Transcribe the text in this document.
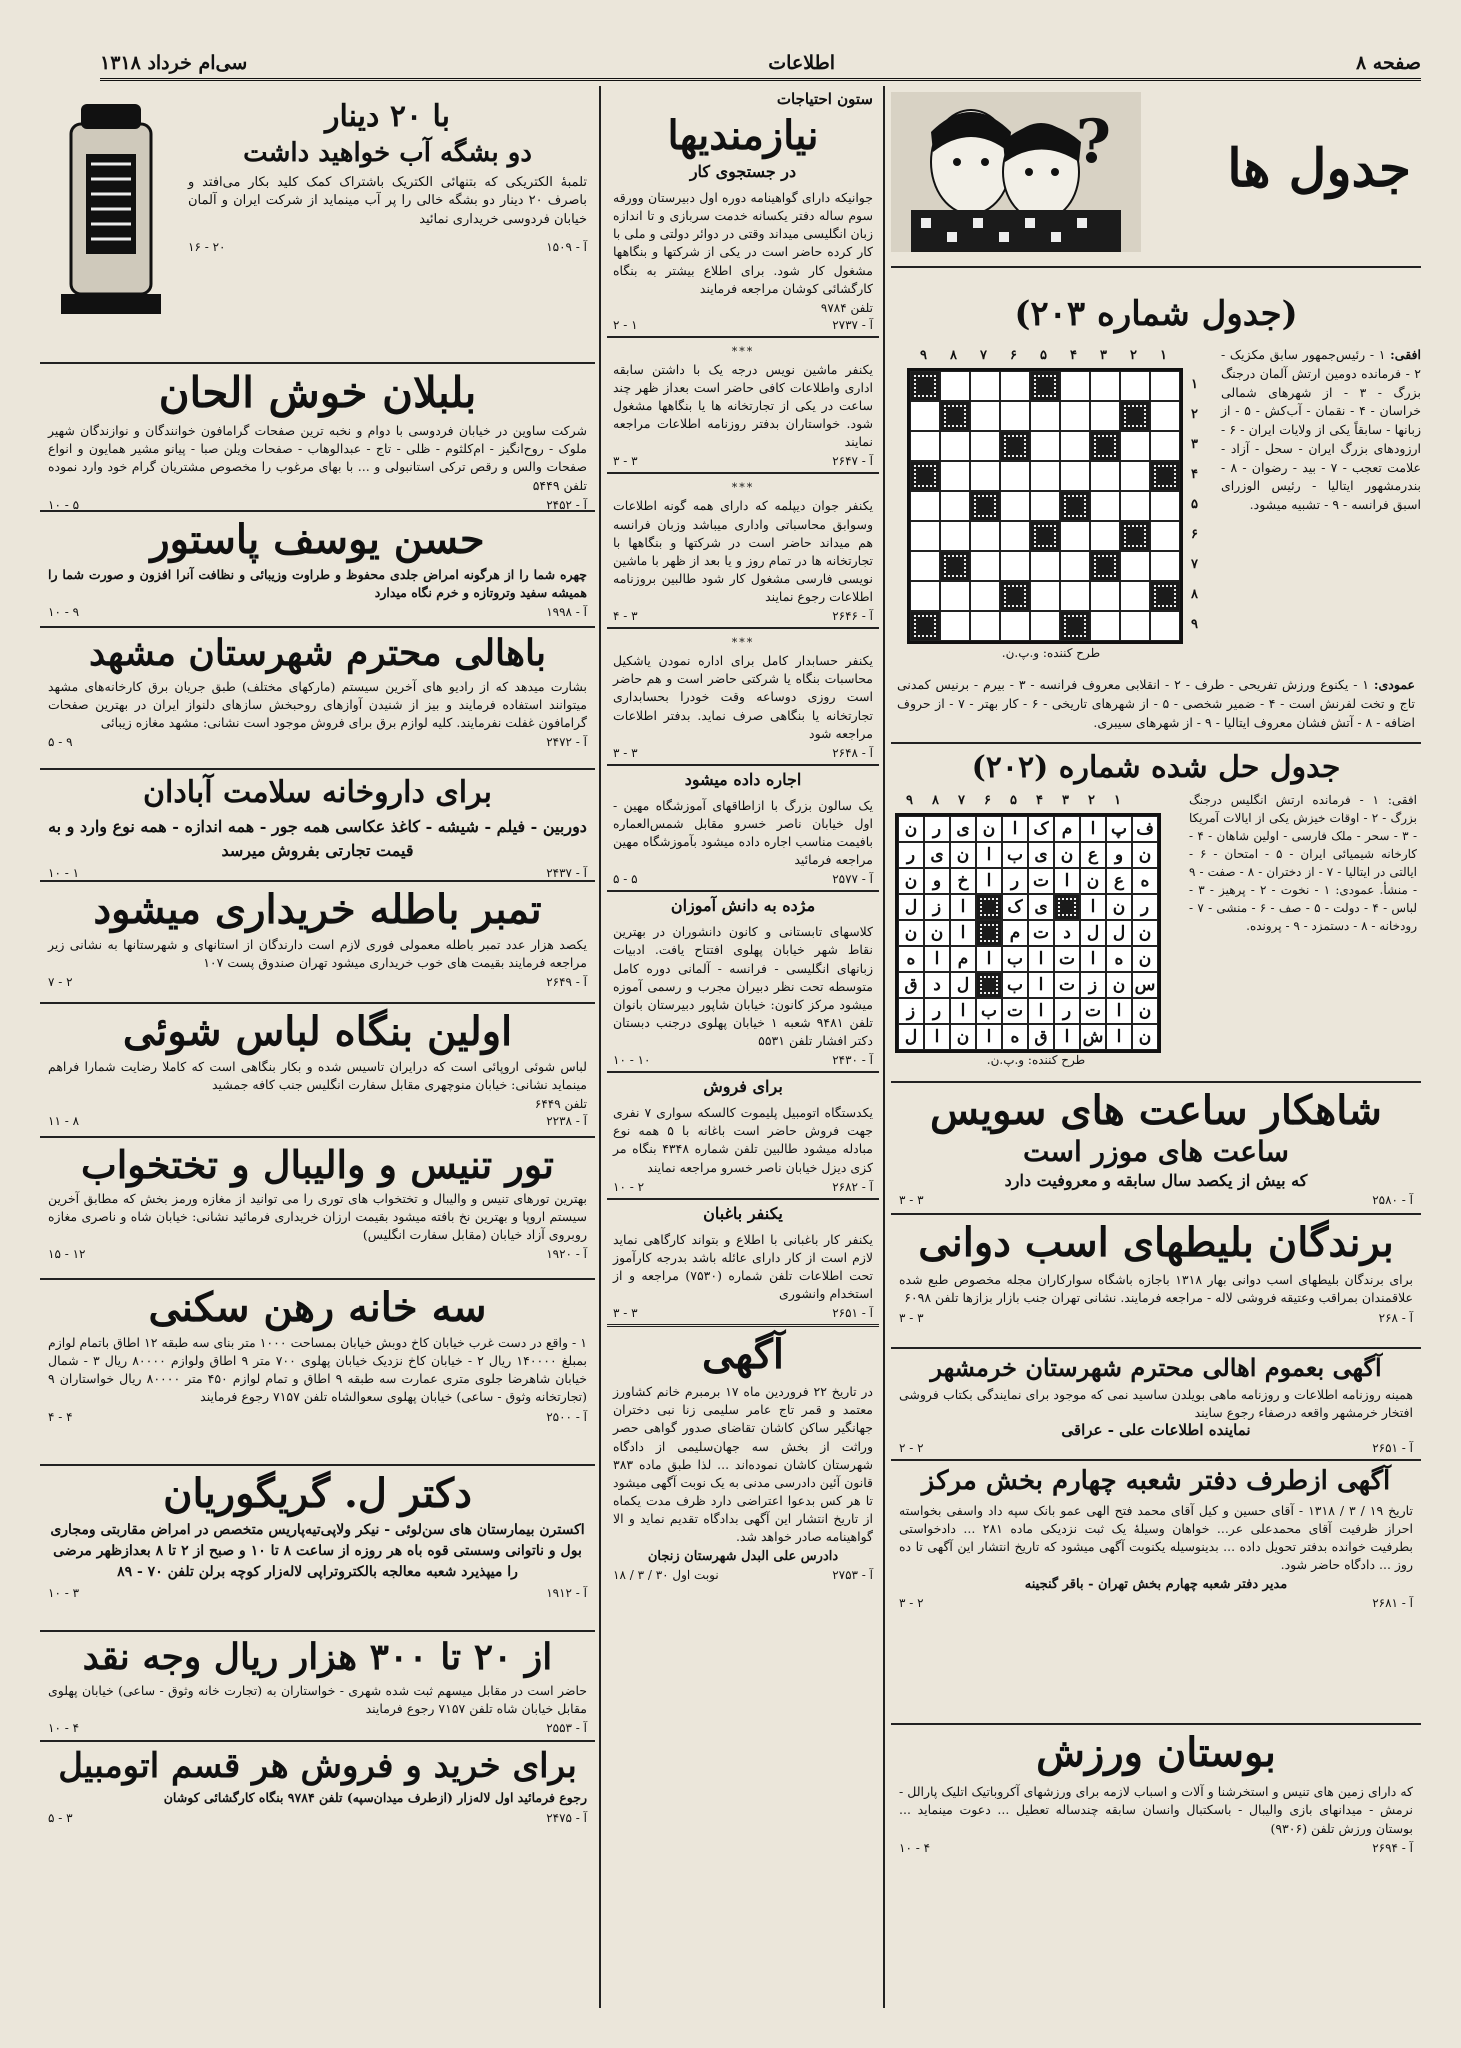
صفحه ۸
اطلاعات
سی‌ام خرداد ۱۳۱۸
جدول ها
?
(جدول شماره ۲۰۳)
افقی: ۱ - رئیس‌جمهور سابق مکزیک - ۲ - فرمانده دومین ارتش آلمان درجنگ بزرگ - ۳ - از شهرهای شمالی خراسان - ۴ - نقمان - آب‌کش - ۵ - از زبانها - سابقاً یکی از ولایات ایران - ۶ - ارزودهای بزرگ ایران - سحل - آزاد - علامت تعجب - ۷ - بید - رضوان - ۸ - بندرمشهور ایتالیا - رئیس الوزرای اسبق فرانسه - ۹ - تشبیه میشود.
۱
۲
۳
۴
۵
۶
۷
۸
۹
۱
۲
۳
۴
۵
۶
۷
۸
۹
طرح کننده: و.پ.ن.
عمودی: ۱ - یکنوع ورزش تفریحی - طرف - ۲ - انقلابی معروف فرانسه - ۳ - بیرم - برنیس کمدنی تاج و تخت لفرنش است - ۴ - ضمیر شخصی - ۵ - از شهرهای تاریخی - ۶ - کار بهتر - ۷ - از حروف اضافه - ۸ - آتش فشان معروف ایتالیا - ۹ - از شهرهای سیبری.
جدول حل شده شماره (۲۰۲)
افقی: ۱ - فرمانده ارتش انگلیس درجنگ بزرگ - ۲ - اوقات خیزش یکی از ایالات آمریکا - ۳ - سحر - ملک فارسی - اولین شاهان - ۴ - کارخانه شیمیائی ایران - ۵ - امتحان - ۶ - ایالتی در ایتالیا - ۷ - از دختران - ۸ - صفت - ۹ - منشأ. عمودی: ۱ - نخوت - ۲ - پرهیز - ۳ - لباس - ۴ - دولت - ۵ - صف - ۶ - منشی - ۷ - رودخانه - ۸ - دستمزد - ۹ - پرونده.
ف
پ
ا
م
ک
ا
ن
ی
ر
ن
ن
و
ع
ن
ی
ب
ا
ن
ی
ر
ه
ع
ن
ا
ت
ر
ا
خ
و
ن
ر
ن
ا
ی
ک
ا
ز
ل
ن
ل
ل
د
ت
م
ا
ن
ن
ن
ه
ا
ت
ا
ب
ا
م
ا
ه
س
ن
ز
ت
ا
ب
ل
د
ق
ن
ا
ت
ر
ا
ت
ب
ا
ر
ز
ن
ا
ش
ا
ق
ه
ا
ن
ا
ل
۱
۲
۳
۴
۵
۶
۷
۸
۹
طرح کننده: و.پ.ن.
شاهکار ساعت های سویس
ساعت های موزر است
که بیش از یکصد سال سابقه و معروفیت دارد
آ - ۲۵۸۰
۳ - ۳
برندگان بلیطهای اسب دوانی
برای برندگان بلیطهای اسب دوانی بهار ۱۳۱۸ باجازه باشگاه سوارکاران مجله مخصوص طبع شده علاقمندان بمراقب وعتیقه فروشی لاله - مراجعه فرمایند. نشانی تهران جنب بازار بزازها تلفن ۶۰۹۸
آ - ۲۶۸
۳ - ۳
آگهی بعموم اهالی محترم شهرستان خرمشهر
همینه روزنامه اطلاعات و روزنامه ماهی بویلدن ساسید نمی که موجود برای نمایندگی بکتاب فروشی افتخار خرمشهر واقعه درصفاء رجوع سایند
نماینده اطلاعات علی - عراقی
آ - ۲۶۵۱
۲ - ۲
آگهی ازطرف دفتر شعبه چهارم بخش مرکز
تاریخ ۱۹ / ۳ / ۱۳۱۸ - آقای حسین و کیل آقای محمد فتح الهی عمو بانک سپه داد واسفی بخواسته احراز ظرفیت آقای محمدعلی عر... خواهان وسیلهٔ یک ثبت نزدیکی ماده ۲۸۱ ... دادخواستی بطرفیت خوانده بدفتر تحویل داده ... بدینوسیله یکنوبت آگهی میشود که تاریخ انتشار این آگهی تا ده روز ... دادگاه حاضر شود.
مدیر دفتر شعبه چهارم بخش تهران - باقر گنجینه
آ - ۲۶۸۱
۲ - ۳
بوستان ورزش
که دارای زمین های تنیس و استخرشنا و آلات و اسباب لازمه برای ورزشهای آکروباتیک اتلیک پارالل - نرمش - میدانهای بازی والیبال - باسکتبال وانسان سابقه چندساله تعطیل ... دعوت مینماید ... بوستان ورزش تلفن (۹۳۰۶)
آ - ۲۶۹۴
۴ - ۱۰
ستون احتیاجات
نیازمندیها
در جستجوی کار
جوانیکه دارای گواهینامه دوره اول دبیرستان وورقه سوم ساله دفتر یکسانه خدمت سربازی و تا اندازه زبان انگلیسی میداند وقتی در دوائر دولتی و ملی با کار کرده حاضر است در یکی از شرکتها و بنگاهها مشغول کار شود. برای اطلاع بیشتر به بنگاه کارگشائی کوشان مراجعه فرمایند
تلفن ۹۷۸۴
آ - ۲۷۳۷
۱ - ۲
***
یکنفر ماشین نویس درجه یک با داشتن سابقه اداری واطلاعات کافی حاضر است بعداز ظهر چند ساعت در یکی از تجارتخانه ها یا بنگاهها مشغول شود. خواستاران بدفتر روزنامه اطلاعات مراجعه نمایند
آ - ۲۶۴۷
۳ - ۳
***
یکنفر جوان دیپلمه که دارای همه گونه اطلاعات وسوابق محاسباتی واداری میباشد وزبان فرانسه هم میداند حاضر است در شرکتها و بنگاهها با تجارتخانه ها در تمام روز و یا بعد از ظهر با ماشین نویسی فارسی مشغول کار شود طالبین بروزنامه اطلاعات رجوع نمایند
آ - ۲۶۴۶
۳ - ۴
***
یکنفر حسابدار کامل برای اداره نمودن یاشکیل محاسبات بنگاه یا شرکتی حاضر است و هم حاضر است روزی دوساعه وقت خودرا بحسابداری تجارتخانه یا بنگاهی صرف نماید. بدفتر اطلاعات مراجعه شود
آ - ۲۶۴۸
۳ - ۳
اجاره داده میشود
یک سالون بزرگ با ازاطاقهای آموزشگاه مهین - اول خیابان ناصر خسرو مقابل شمس‌العماره بافیمت مناسب اجاره داده میشود بآموزشگاه مهین مراجعه فرمائید
آ - ۲۵۷۷
۵ - ۵
مژده به دانش آموزان
کلاسهای تابستانی و کانون دانشوران در بهترین نقاط شهر خیابان پهلوی افتتاح یافت. ادبیات زبانهای انگلیسی - فرانسه - آلمانی دوره کامل متوسطه تحت نظر دبیران مجرب و رسمی آموزه میشود مرکز کانون: خیابان شاپور دبیرستان بانوان تلفن ۹۴۸۱ شعبه ۱ خیابان پهلوی درجنب دبستان دکتر افشار تلفن ۵۵۳۱
آ - ۲۴۳۰
۱۰ - ۱۰
برای فروش
یکدستگاه اتومبیل پلیموت کالسکه سواری ۷ نفری جهت فروش حاضر است باغانه با ۵ همه نوع مبادله میشود طالبین تلفن شماره ۴۳۴۸ بنگاه مر کزی دیزل خیابان ناصر خسرو مراجعه نمایند
آ - ۲۶۸۲
۲ - ۱۰
یکنفر باغبان
یکنفر کار باغبانی با اطلاع و بتواند کارگاهی نماید لازم است از کار دارای عائله باشد بدرجه کارآموز تحت اطلاعات تلفن شماره (۷۵۳۰) مراجعه و از استخدام وانشوری
آ - ۲۶۵۱
۳ - ۳
آگهی
در تاریخ ۲۲ فروردین ماه ۱۷ برمبرم خانم کشاورز معتمد و قمر تاج عامر سلیمی زنا نبی دختران جهانگیر ساکن کاشان تقاضای صدور گواهی حصر وراثت از بخش سه جهان‌سلیمی از دادگاه شهرستان کاشان نموده‌اند ... لذا طبق ماده ۳۸۳ قانون آئین دادرسی مدنی به یک نوبت آگهی میشود تا هر کس بدعوا اعتراضی دارد ظرف مدت یکماه از تاریخ انتشار این آگهی بدادگاه تقدیم نماید و الا گواهینامه صادر خواهد شد.
دادرس علی البدل شهرستان زنجان
آ - ۲۷۵۳
نوبت اول ۳۰ / ۳ / ۱۸
با ۲۰ دینار
دو بشگه آب خواهید داشت
تلمبهٔ الکتریکی که بتنهائی الکتریک باشتراک کمک کلید بکار می‌افتد و باصرف ۲۰ دینار دو بشگه خالی را پر آب مینماید از شرکت ایران و آلمان خیابان فردوسی خریداری نمائید
آ - ۱۵۰۹
۲۰ - ۱۶
بلبلان خوش الحان
شرکت ساوین در خیابان فردوسی با دوام و نخبه ترین صفحات گرامافون خوانندگان و نوازندگان شهیر ملوک - روح‌انگیز - ام‌کلثوم - ظلی - تاج - عبدالوهاب - صفحات ویلن صبا - پیانو مشیر همایون و انواع صفحات والس و رقص ترکی استانبولی و ... با بهای مرغوب را مخصوص مشتریان گرام خود وارد نموده تلفن ۵۴۴۹
آ - ۲۴۵۲
۵ - ۱۰
حسن یوسف پاستور
چهره شما را از هرگونه امراض جلدی محفوظ و طراوت وزیبائی و نظافت آنرا افزون و صورت شما را همیشه سفید وتروتازه و خرم نگاه میدارد
آ - ۱۹۹۸
۹ - ۱۰
باهالی محترم شهرستان مشهد
بشارت میدهد که از رادیو های آخرین سیستم (مارکهای مختلف) طبق جریان برق کارخانه‌های مشهد میتوانند استفاده فرمایند و بیز از شنیدن آوازهای روحبخش سازهای دلنواز ایران در بهترین صفحات گرامافون غفلت نفرمایند. کلیه لوازم برق برای فروش موجود است نشانی: مشهد مغازه زیبائی
آ - ۲۴۷۲
۹ - ۵
برای داروخانه سلامت آبادان
دوربین - فیلم - شیشه - کاغذ عکاسی همه جور - همه اندازه - همه نوع وارد و به قیمت تجارتی بفروش میرسد
آ - ۲۴۳۷
۱ - ۱۰
تمبر باطله خریداری میشود
یکصد هزار عدد تمبر باطله معمولی فوری لازم است دارندگان از استانهای و شهرستانها به نشانی زیر مراجعه فرمایند بقیمت های خوب خریداری میشود تهران صندوق پست ۱۰۷
آ - ۲۶۴۹
۲ - ۷
اولین بنگاه لباس شوئی
لباس شوئی اروپائی است که درایران تاسیس شده و بکار بنگاهی است که کاملا رضایت شمارا فراهم مینماید نشانی: خیابان منوچهری مقابل سفارت انگلیس جنب کافه جمشید
تلفن ۶۴۴۹
آ - ۲۲۳۸
۸ - ۱۱
تور تنیس و والیبال و تختخواب
بهترین تورهای تنیس و والیبال و تختخواب های توری را می توانید از مغازه ورمز بخش که مطابق آخرین سیستم اروپا و بهترین نخ بافته میشود بقیمت ارزان خریداری فرمائید نشانی: خیابان شاه و ناصری مغازه روبروی آزاد خیابان (مقابل سفارت انگلیس)
آ - ۱۹۲۰
۱۲ - ۱۵
سه خانه رهن سکنی
۱ - واقع در دست غرب خیابان کاخ دوبش خیابان بمساحت ۱۰۰۰ متر بنای سه طبقه ۱۲ اطاق باتمام لوازم بمبلغ ۱۴۰۰۰۰ ریال ۲ - خیابان کاخ نزدیک خیابان پهلوی ۷۰۰ متر ۹ اطاق ولوازم ۸۰۰۰۰ ریال ۳ - شمال خیابان شاهرضا جلوی متری عمارت سه طبقه ۹ اطاق و تمام لوازم ۴۵۰ متر ۸۰۰۰۰ ریال خواستاران ۹ (تجارتخانه وثوق - ساعی) خیابان پهلوی سعوالشاه تلفن ۷۱۵۷ رجوع فرمایند
آ - ۲۵۰۰
۴ - ۴
دکتر ل. گریگوریان
اکسترن بیمارستان های سن‌لوئی - نیکر ولاپی‌تیه‌پاریس متخصص در امراض مقاربتی ومجاری بول و ناتوانی وسستی قوه باه هر روزه از ساعت ۸ تا ۱۰ و صبح از ۲ تا ۸ بعدازظهر مرضی را میپذیرد شعبه معالجه بالکتروتراپی لاله‌زار کوچه برلن تلفن ۷۰ - ۸۹
آ - ۱۹۱۲
۳ - ۱۰
از ۲۰ تا ۳۰۰ هزار ریال وجه نقد
حاضر است در مقابل میسهم ثبت شده شهری - خواستاران به (تجارت خانه وثوق - ساعی) خیابان پهلوی مقابل خیابان شاه تلفن ۷۱۵۷ رجوع فرمایند
آ - ۲۵۵۳
۴ - ۱۰
برای خرید و فروش هر قسم اتومبیل
رجوع فرمائید اول لاله‌زار (ازطرف میدان‌سپه) تلفن ۹۷۸۴ بنگاه کارگشائی کوشان
آ - ۲۴۷۵
۳ - ۵
